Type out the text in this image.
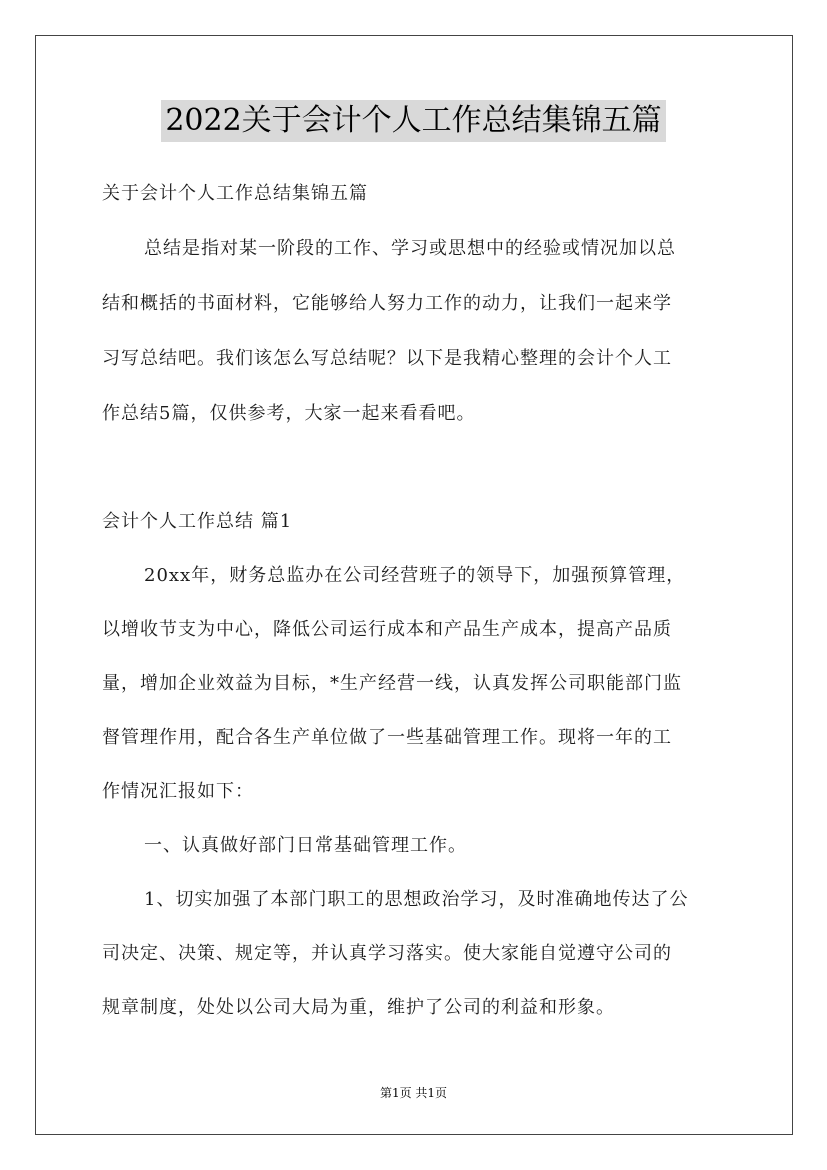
2022关于会计个人工作总结集锦五篇
关于会计个人工作总结集锦五篇
总结是指对某一阶段的工作、学习或思想中的经验或情况加以总
结和概括的书面材料，它能够给人努力工作的动力，让我们一起来学
习写总结吧。我们该怎么写总结呢？以下是我精心整理的会计个人工
作总结5篇，仅供参考，大家一起来看看吧。
会计个人工作总结 篇1
20xx年，财务总监办在公司经营班子的领导下，加强预算管理，
以增收节支为中心，降低公司运行成本和产品生产成本，提高产品质
量，增加企业效益为目标，*生产经营一线，认真发挥公司职能部门监
督管理作用，配合各生产单位做了一些基础管理工作。现将一年的工
作情况汇报如下：
一、认真做好部门日常基础管理工作。
1、切实加强了本部门职工的思想政治学习，及时准确地传达了公
司决定、决策、规定等，并认真学习落实。使大家能自觉遵守公司的
规章制度，处处以公司大局为重，维护了公司的利益和形象。
第1页 共1页
